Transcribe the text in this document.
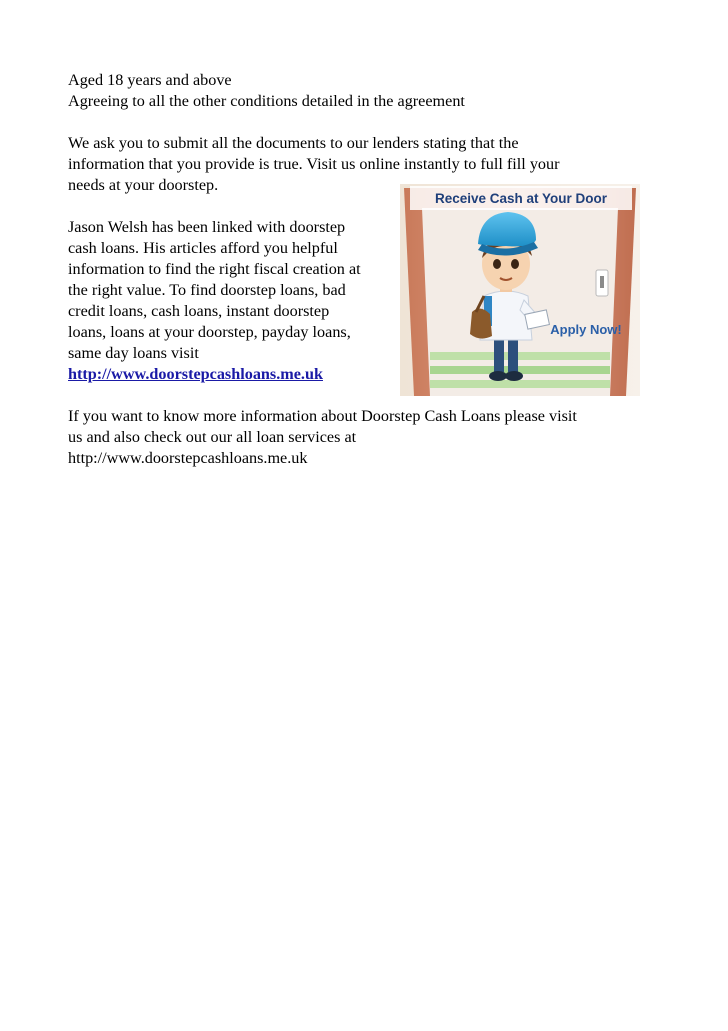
Aged 18 years and above
Agreeing to all the other conditions detailed in the agreement
We ask you to submit all the documents to our lenders stating that the
information that you provide is true. Visit us online instantly to full fill your
needs at your doorstep.
Jason Welsh has been linked with doorstep
cash loans. His articles afford you helpful
information to find the right fiscal creation at
the right value. To find doorstep loans, bad
credit loans, cash loans, instant doorstep
loans, loans at your doorstep, payday loans,
same day loans visit
http://www.doorstepcashloans.me.uk
If you want to know more information about Doorstep Cash Loans please visit
us and also check out our all loan services at
http://www.doorstepcashloans.me.uk
Receive Cash at Your Door
Apply Now!
